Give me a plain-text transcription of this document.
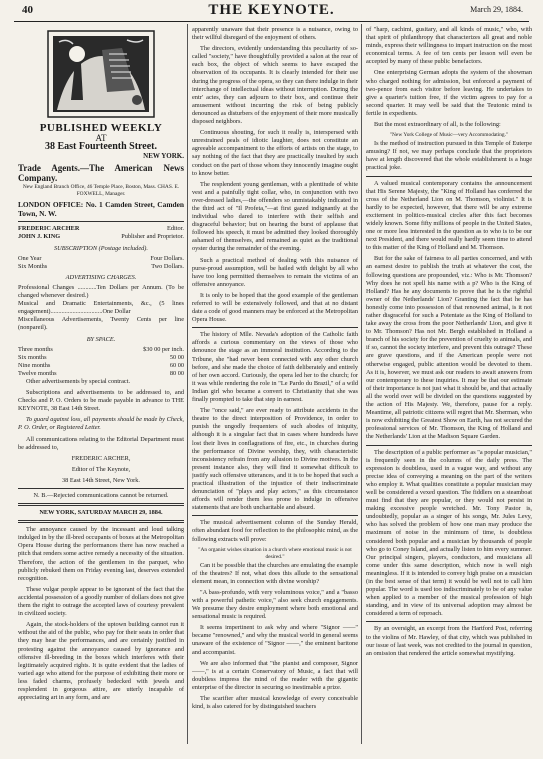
40	THE KEYNOTE.	March 29, 1884.
PUBLISHED WEEKLY
AT
38 East Fourteenth Street.
NEW YORK.
Trade Agents.—The American News Company.
New England Branch Office, 46 Temple Place, Boston, Mass. CHAS. E. FOXWELL, Manager.
LONDON OFFICE: No. 1 Camden Street, Camden Town, N. W.
FREDERIC ARCHER	Editor.
JOHN J. KING	Publisher and Proprietor.
SUBSCRIPTION (Postage included).
One Year	Four Dollars.
Six Months	Two Dollars.
ADVERTISING CHARGES.
Professional Changes ............Ten Dollars per Annum. (To be changed whenever desired.)
Musical and Dramatic Entertainments, &c., (5 lines engagement).................................One Dollar
Miscellaneous Advertisements, Twenty Cents per line (nonpareil).
BY SPACE.
Three months	$30 00 per inch.
Six months	50 00
Nine months	60 00
Twelve months	80 00

Other advertisements by special contract.

Subscriptions and advertisements to be addressed to, and Checks and P. O. Orders to be made payable in advance to THE KEYNOTE, 38 East 14th Street.

To guard against loss, all payments should be made by Check, P. O. Order, or Registered Letter.

All communications relating to the Editorial Department must be addressed to,

FREDERIC ARCHER,
Editor of The Keynote,
38 East 14th Street, New York.
N. B.—Rejected communications cannot be returned.
NEW YORK, SATURDAY MARCH 29, 1884.

The annoyance caused by the incessant and loud talking indulged in by the ill-bred occupants of boxes at the Metropolitan Opera House during the performances there has now reached a pitch that renders some active remedy a necessity of the situation. Therefore, the action of the gentlemen in the parquet, who publicly rebuked them on Friday evening last, deserves extended recognition.

These vulgar people appear to be ignorant of the fact that the accidental possession of a goodly number of dollars does not give them the right to outrage the accepted laws of courtesy prevalent in civilized society.

Again, the stock-holders of the uptown building cannot run it without the aid of the public, who pay for their seats in order that they may hear the performances, and are certainly justified in protesting against the annoyance caused by ignorance and offensive ill-breeding in the boxes which interferes with their legitimately acquired rights. It is quite evident that the ladies of varied age who attend for the purpose of exhibiting their more or less faded charms, profusely bedecked with jewels and resplendent in gorgeous attire, are utterly incapable of appreciating art in any form, and are

apparently unaware that their presence is a nuisance, owing to their willful disregard of the enjoyment of others.

The directors, evidently understanding this peculiarity of so-called "society," have thoughtfully provided a salon at the rear of each box, the object of which seems to have escaped the observation of its occupants. It is clearly intended for their use during the progress of the opera, so they can there indulge in their interchange of intellectual ideas without interruption. During the entr' actes, they can adjourn to their box, and continue their amusement without incurring the risk of being publicly denounced as disturbers of the enjoyment of their more musically disposed neighbors.

Continuous shouting, for such it really is, interspersed with unrestrained peals of idiotic laughter, does not constitute an agreeable accompaniment to the efforts of artists on the stage, to say nothing of the fact that they are practically insulted by such conduct on the part of those whom they innocently imagine ought to know better.

The resplendent young gentleman, with a plentitude of white vest and a painfully tight collar, who, in conjunction with two over-dressed ladies,—the offenders so unmistakably indicated in the third act of "Il Profeta,"—at first gazed indignantly at the individual who dared to interfere with their selfish and disgraceful behavior; but on hearing the burst of applause that followed his speech, it must be admitted they looked thoroughly ashamed of themselves, and remained as quiet as the traditional oyster during the remainder of the evening.

Such a practical method of dealing with this nuisance of purse-proud assumption, will be hailed with delight by all who have too long permitted themselves to remain the victims of an offensive annoyance.

It is only to be hoped that the good example of the gentleman referred to will be extensively followed, and that at no distant date a code of good manners may be enforced at the Metropolitan Opera House.

The history of Mlle. Nevada's adoption of the Catholic faith affords a curious commentary on the views of those who denounce the stage as an immoral institution. According to the Tribune, she "had never been connected with any other church before, and she made the choice of faith deliberately and entirely of her own accord. Curiously, the opera led her to the church; for it was while rendering the role in "Le Pardo du Brazil," of a wild Indian girl who became a convert to Christianity that she was finally prompted to take that step in earnest.

The "once said," are ever ready to attribute accidents in the theatre to the direct interposition of Providence, in order to punish the ungodly frequenters of such abodes of iniquity, although it is a singular fact that in cases where hundreds have lost their lives in conflagrations of fire, etc., in churches during the performance of Divine worship, they, with characteristic inconsistency refrain from any allusion to Divine motives. In the present instance also, they will find it somewhat difficult to justify such offensive utterances, and it is to be hoped that such a practical illustration of the injustice of their indiscriminate denunciation of "plays and play actors," as this circumstance affords will render them less prone to indulge in offensive statements that are both uncharitable and absurd.

The musical advertisement column of the Sunday Herald, often abundant food for reflection to the philosophic mind, as the following extracts will prove:

"An organist wishes situation in a church where emotional music is not desired."

Can it be possible that the churches are emulating the example of the theatres? If not, what does this allude to the sensational element mean, in connection with divine worship?

"A bass-profundo, with very voluminous voice," and a "basso with a powerful pathetic voice," also seek church engagements. We presume they desire employment where both emotional and sensational music is required.

It seems impertinent to ask why and where "Signor ——" became "renowned," and why the musical world in general seems unaware of the existence of "Signor ——," the eminent baritone and accompanist.

We are also informed that "the pianist and composer, Signor ——," is at a certain Conservatory of Music, a fact that will doubtless impress the mind of the reader with the gigantic enterprise of the director in securing so inestimable a prize.

The scarifier after musical knowledge of every conceivable kind, is also catered for by distinguished teachers

of "harp, cachimi, gusitary, and all kinds of music," who, with that spirit of philanthropy that characterizes all great and noble minds, express their willingness to impart instruction on the most economical terms. A fee of ten cents per lesson will even be accepted by many of these public benefactors.

One enterprising German adopts the system of the showman who charged nothing for admission, but enforced a payment of two-pence from each visitor before leaving. He undertakes to give a quarter's tuition free, if the victim agrees to pay for a second quarter. It may well be said that the Teutonic mind is fertile in expedients.

But the most extraordinary of all, is the following:

"New York College of Music—very Accommodating."

Is the method of instruction pursued in this Temple of Euterpe amusing? If not, we may perhaps conclude that the proprietors have at length discovered that the whole establishment is a huge practical joke.

A valued musical contemporary contains the announcement that His Serene Majesty, the "King of Holland has conferred the cross of the Netherland Lion on M. Thomson, violinist." It is hardly to be expected, however, that there will be any extreme excitement in politico-musical circles after this fact becomes widely known. Some fifty millions of people in the United States, one or more less interested in the question as to who is to be our next President, and there would really hardly seem time to attend to this matter of the King of Holland and M. Thomson.

But for the sake of fairness to all parties concerned, and with an earnest desire to publish the truth at whatever the cost, the following questions are propounded, viz.: Who is Mr. Thomson? Why does he not spell his name with a p? Who is the King of Holland? Has he any documents to prove that he is the rightful owner of the Netherlands' Lion? Granting the fact that he has honestly come into possession of that renowned animal, is it not rather disgraceful for such a Potentate as the King of Holland to take away the cross from the poor Netherlands' Lion, and give it to Mr. Thomson? Has not Mr. Bergh established in Holland a branch of his society for the prevention of cruelty to animals, and if so, cannot the society interfere, and prevent this outrage? These are grave questions, and if the American people were not otherwise engaged, public attention would be devoted to them. As it is, however, we must ask our readers to await answers from our contemporary to these inquiries. It may be that our estimate of their importance is not just what it should be, and that actually all the world over will be divided on the questions suggested by the action of His Majesty. We, therefore, pause for a reply. Meantime, all patriotic citizens will regret that Mr. Sherman, who is now exhibiting the Greatest Show on Earth, has not secured the professional services of Mr. Thomson, the King of Holland and the Netherlands' Lion at the Madison Square Garden.

The description of a public performer as "a popular musician," is frequently seen in the columns of the daily press. The expression is doubtless, used in a vague way, and without any precise idea of conveying a meaning on the part of the writers who employ it. What qualities constitute a popular musician may well be considered a vexed question. The fiddlers on a steamboat must find that they are popular, or they would not persist in making excessive people wretched. Mr. Tony Pastor is, undoubtedly, popular as a singer of his songs, Mr. Jules Levy, who has solved the problem of how one man may produce the maximum of noise in the minimum of time, is doubtless considered both popular and a musician by thousands of people who go to Coney Island, and actually listen to him every summer. Our principal singers, players, conductors, and musicians all come under this same description, which now is well nigh meaningless. If it is intended to convey high praise on a musician (in the best sense of that term) it would be well not to call him popular. The word is used too indiscriminately to be of any value when applied to a member of the musical profession of high standing, and in view of its universal adoption may almost be considered a term of reproach.

By an oversight, an excerpt from the Hartford Post, referring to the violins of Mr. Hawley, of that city, which was published in our issue of last week, was not credited to the journal in question, an omission that rendered the article somewhat mystifying.
